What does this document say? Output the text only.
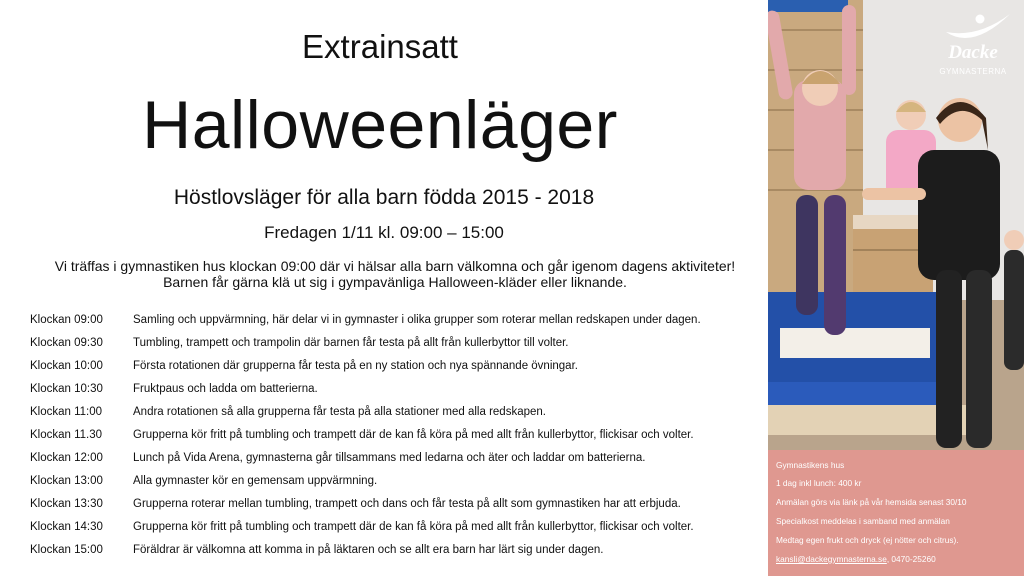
Extrainsatt
Halloweenläger
Höstlovsläger för alla barn födda 2015 - 2018
Fredagen 1/11 kl. 09:00 – 15:00
Vi träffas i gymnastiken hus klockan 09:00 där vi hälsar alla barn välkomna och går igenom dagens aktiviteter!
Barnen får gärna klä ut sig i gympavänliga Halloween-kläder eller liknande.
Klockan 09:00	Samling och uppvärmning, här delar vi in gymnaster i olika grupper som roterar mellan redskapen under dagen.
Klockan 09:30	Tumbling, trampett och trampolin där barnen får testa på allt från kullerbyttor till volter.
Klockan 10:00	Första rotationen där grupperna får testa på en ny station och nya spännande övningar.
Klockan 10:30	Fruktpaus och ladda om batterierna.
Klockan 11:00	Andra rotationen så alla grupperna får testa på alla stationer med alla redskapen.
Klockan 11.30	Grupperna kör fritt på tumbling och trampett där de kan få köra på med allt från kullerbyttor, flickisar och volter.
Klockan 12:00	Lunch på Vida Arena, gymnasterna går tillsammans med ledarna och äter och laddar om batterierna.
Klockan 13:00	Alla gymnaster kör en gemensam uppvärmning.
Klockan 13:30	Grupperna roterar mellan tumbling, trampett och dans och får testa på allt som gymnastiken har att erbjuda.
Klockan 14:30	Grupperna kör fritt på tumbling och trampett där de kan få köra på med allt från kullerbyttor, flickisar och volter.
Klockan 15:00	Föräldrar är välkomna att komma in på läktaren och se allt era barn har lärt sig under dagen.
Dacke
GYMNASTERNA
Gymnastikens hus
1 dag inkl lunch: 400 kr
Anmälan görs via länk på vår hemsida senast 30/10
Specialkost meddelas i samband med anmälan
Medtag egen frukt och dryck (ej nötter och citrus).
kansli@dackegymnasterna.se, 0470-25260
